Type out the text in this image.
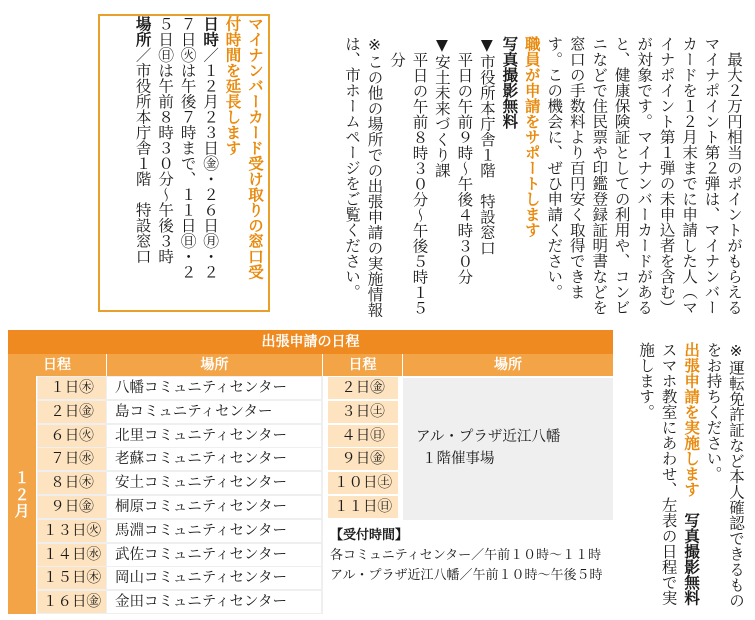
　最大２万円相当のポイントがもらえるマイナポイント第２弾は、マイナンバーカードを１２月末までに申請した人（マイナポイント第１弾の未申込者を含む）が対象です。マイナンバーカードがあると、健康保険証としての利用や、コンビニなどで住民票や印鑑登録証明書などを窓口の手数料より百円安く取得できます。この機会に、ぜひ申請ください。

職員が申請をサポートします

写真撮影無料

▼市役所本庁舎１階　特設窓口

平日の午前９時〜午後４時３０分

▼安土未来づくり課

平日の午前８時３０分〜午後５時１５分

※この他の場所での出張申請の実施情報は、市ホームページをご覧ください。

マイナンバーカード受け取りの窓口受付時間を延長します

日時／１２月２３日㊎・２６日㊊・２７日㊋は午後７時まで、１１日㊐・２５日㊐は午前８時３０分〜午後３時

場所／市役所本庁舎１階　特設窓口

※運転免許証など本人確認できるものをお持ちください。

出張申請を実施します　写真撮影無料スマホ教室にあわせ、左表の日程で実施します。

出張申請の日程
日程	場所	日程	場所
１２月
１日㊍	八幡コミュニティセンター
２日㊎	島コミュニティセンター
６日㊋	北里コミュニティセンター
７日㊌	老蘇コミュニティセンター
８日㊍	安土コミュニティセンター
９日㊎	桐原コミュニティセンター
１３日㊋ 馬淵コミュニティセンター
１４日㊌ 武佐コミュニティセンター
１５日㊍ 岡山コミュニティセンター
１６日㊎ 金田コミュニティセンター
２日㊎
３日㊏
４日㊐
９日㊎
１０日㊏
１１日㊐
アル・プラザ近江八幡
１階催事場
【受付時間】
各コミュニティセンター／午前１０時〜１１時
アル・プラザ近江八幡／午前１０時〜午後５時
